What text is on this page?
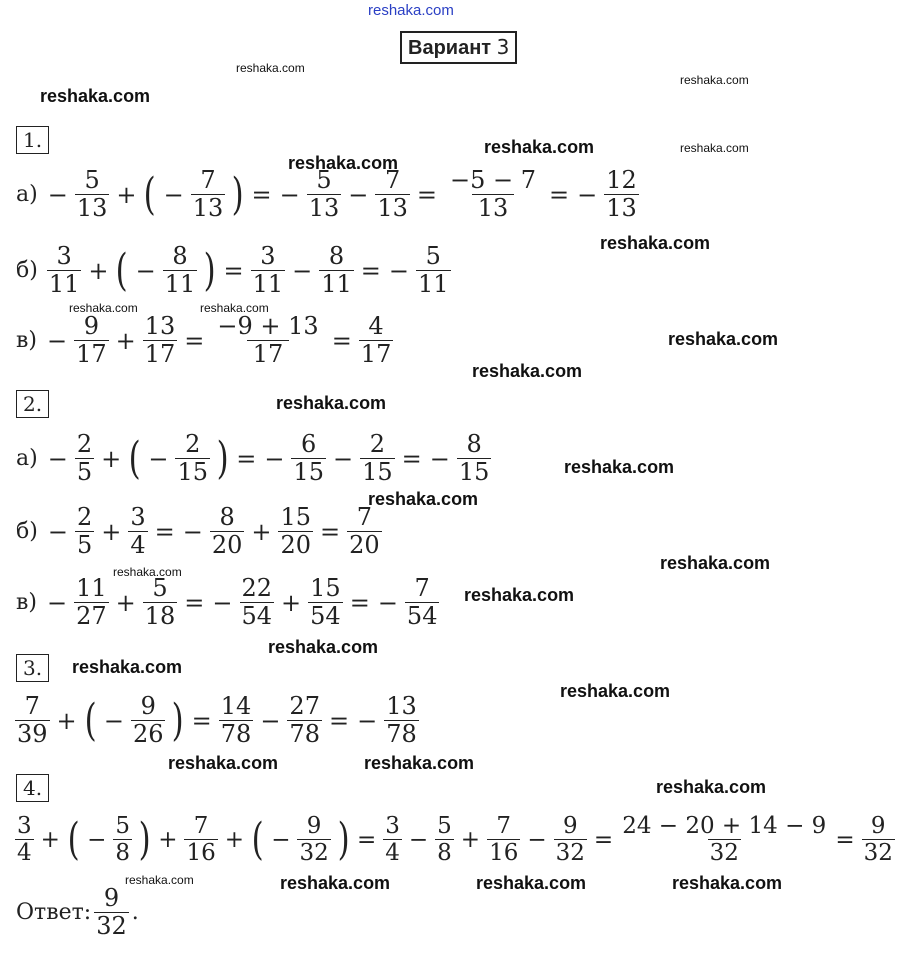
reshaka.com
reshaka.com
reshaka.com
reshaka.com
reshaka.com	reshaka.com
reshaka.com
reshaka.com
reshaka.com	reshaka.com
reshaka.com
reshaka.com
reshaka.com
reshaka.com
reshaka.com
reshaka.com
reshaka.com
reshaka.com
reshaka.com
reshaka.com
reshaka.com
reshaka.com	reshaka.com
reshaka.com
reshaka.com	reshaka.com	reshaka.com	reshaka.com
Вариант 3
1.
2.
3.
4.
$а) - \frac{5}{13}$ + ( − $\frac{7}{13}$ ) = − $\frac{5}{13} - \frac{7}{13} = \frac{-5 - 7}{13}$ = − $\frac{12}{13}$
$б) \frac{3}{11}$ + ( − $\frac{8}{11}$ ) = $\frac{3}{11} - \frac{8}{11}$ = − $\frac{5}{11}$
$в) - \frac{9}{17} + \frac{13}{17} = \frac{-9 + 13}{17} = \frac{4}{17}$
$а) - \frac{2}{5}$ + ( − $\frac{2}{15}$ ) = − $\frac{6}{15} - \frac{2}{15}$ = − $\frac{8}{15}$
$б) - \frac{2}{5} + \frac{3}{4}$ = − $\frac{8}{20} + \frac{15}{20} = \frac{7}{20}$
$в) - \frac{11}{27} + \frac{5}{18}$ = − $\frac{22}{54} + \frac{15}{54}$ = − $\frac{7}{54}$
$\frac{7}{39}$ + ( − $\frac{9}{26}$ ) = $\frac{14}{78} - \frac{27}{78}$ = − $\frac{13}{78}$
$\frac{3}{4}$ + ( − $\frac{5}{8}$ ) + $\frac{7}{16}$ + ( − $\frac{9}{32}$ ) = $\frac{3}{4} - \frac{5}{8} + \frac{7}{16} - \frac{9}{32} = \frac{24 - 20 + 14 - 9}{32} = \frac{9}{32}$
Ответ: $\frac{9}{32}$ .
